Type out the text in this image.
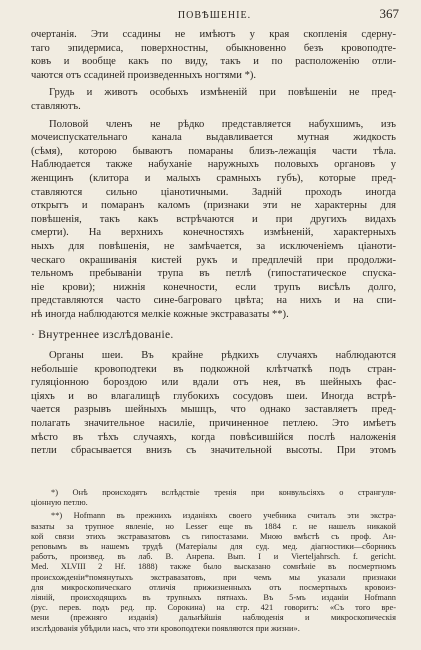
ПОВѢШЕНІЕ.	367

очертанія. Эти ссадины не имѣютъ у края скопленія сдерну-
таго эпидермиса, поверхностны, обыкновенно безъ кровоподте-
ковъ и вообще какъ по виду, такъ и по расположенію отли-
чаются отъ ссадиней произведенныхъ ногтями *).

Грудь и животъ особыхъ измѣненій при повѣшеніи не пред-
ставляютъ.

Половой членъ не рѣдко представляется набухшимъ, изъ
мочеиспускательнаго канала выдавливается мутная жидкость
(сѣмя), которою бываютъ помараны близъ-лежащія части тѣла.
Наблюдается также набуханіе наружныхъ половыхъ органовъ у
женщинъ (клитора и малыхъ срамныхъ губъ), которые пред-
ставляются сильно ціанотичными. Задній проходъ иногда
открытъ и помаранъ каломъ (признаки эти не характерны для
повѣшенія, такъ какъ встрѣчаются и при другихъ видахъ
смерти). На верхнихъ конечностяхъ измѣненій, характерныхъ
ныхъ для повѣшенія, не замѣчается, за исключеніемъ ціаноти-
ческаго окрашиванія кистей рукъ и предплечій при продолжи-
тельномъ пребываніи трупа въ петлѣ (гипостатическое спуска-
ніе крови); нижнія конечности, если трупъ висѣлъ долго,
представляются часто сине-багроваго цвѣта; на нихъ и на спи-
нѣ иногда наблюдаются мелкіе кожные экстравазаты **).

· Внутреннее изслѣдованіе.

Органы шеи. Въ крайне рѣдкихъ случаяхъ наблюдаются
небольшіе кровоподтеки въ подкожной клѣтчаткѣ подъ стран-
гуляціонною бороздою или вдали отъ нея, въ шейныхъ фас-
ціяхъ и во влагалищѣ глубокихъ сосудовъ шеи. Иногда встрѣ-
чается разрывъ шейныхъ мышцъ, что однако заставляетъ пред-
полагать значительное насиліе, причиненное петлею. Это имѣетъ
мѣсто въ тѣхъ случаяхъ, когда повѣсившійся послѣ наложенія
петли сбрасывается внизъ съ значительной высоты. При этомъ

*) Онѣ происходятъ вслѣдствіе тренія при конвульсіяхъ о странгуля-
ціонную петлю.
**) Hofmann въ прежнихъ изданіяхъ своего учебника считалъ эти экстра-
вазаты за трупное явленіе, но Lesser еще въ 1884 г. не нашелъ никакой
кой связи этихъ экстравазатовъ съ гипостазами. Мною вмѣстѣ съ проф. Ан-
реповымъ въ нашемъ трудѣ (Матеріалы для суд. мед. діагностики—сборникъ
работъ, произвед. въ лаб. В. Анрепа. Вып. I и Vierteljahrsch. f. gericht.
Med. XLVIII 2 Hf. 1888) также было высказано сомнѣніе въ посмертномъ
происхожденіи*помянутыхъ экстравазатовъ, при чемъ мы указали признаки
для микроскопическаго отличія прижизненныхъ отъ посмертныхъ кровоиз-
ліяній, происходящихъ въ трупныхъ пятнахъ. Въ 5-мъ изданіи Hofmann
(рус. перев. подъ ред. пр. Сорокина) на стр. 421 говоритъ: «Съ того вре-
мени (прежняго изданія) дальнѣйшія наблюденія и микроскопическія
изслѣдованія убѣдили насъ, что эти кровоподтеки появляются при жизни».
